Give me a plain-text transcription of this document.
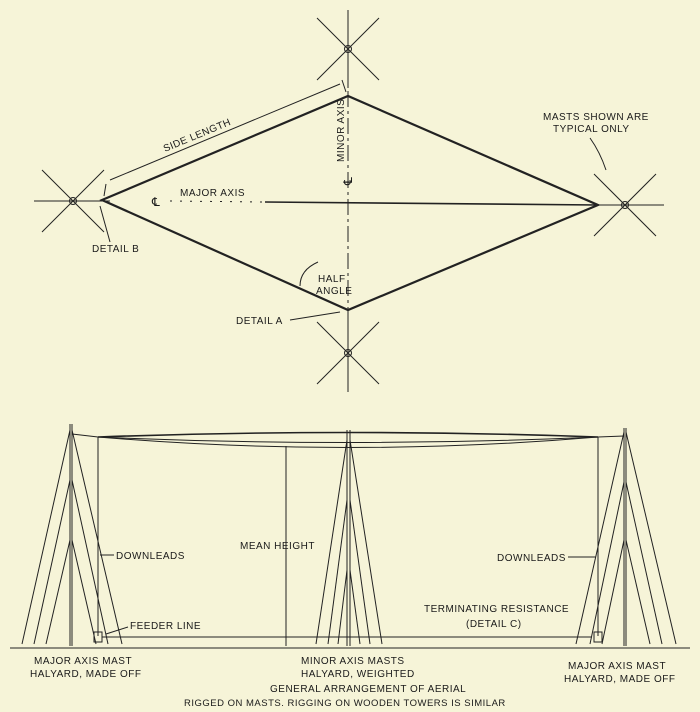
SIDE LENGTH	MINOR AXIS
℄
℄
MAJOR AXIS
MASTS SHOWN ARE
TYPICAL ONLY
DETAIL B
HALF
ANGLE
DETAIL A
MEAN HEIGHT
FEEDER LINE
DOWNLEADS	DOWNLEADS
TERMINATING RESISTANCE
(DETAIL C)
MAJOR AXIS MAST
HALYARD, MADE OFF
MINOR AXIS MASTS
HALYARD, WEIGHTED
MAJOR AXIS MAST
HALYARD, MADE OFF
GENERAL ARRANGEMENT OF AERIAL
RIGGED ON MASTS. RIGGING ON WOODEN TOWERS IS SIMILAR
